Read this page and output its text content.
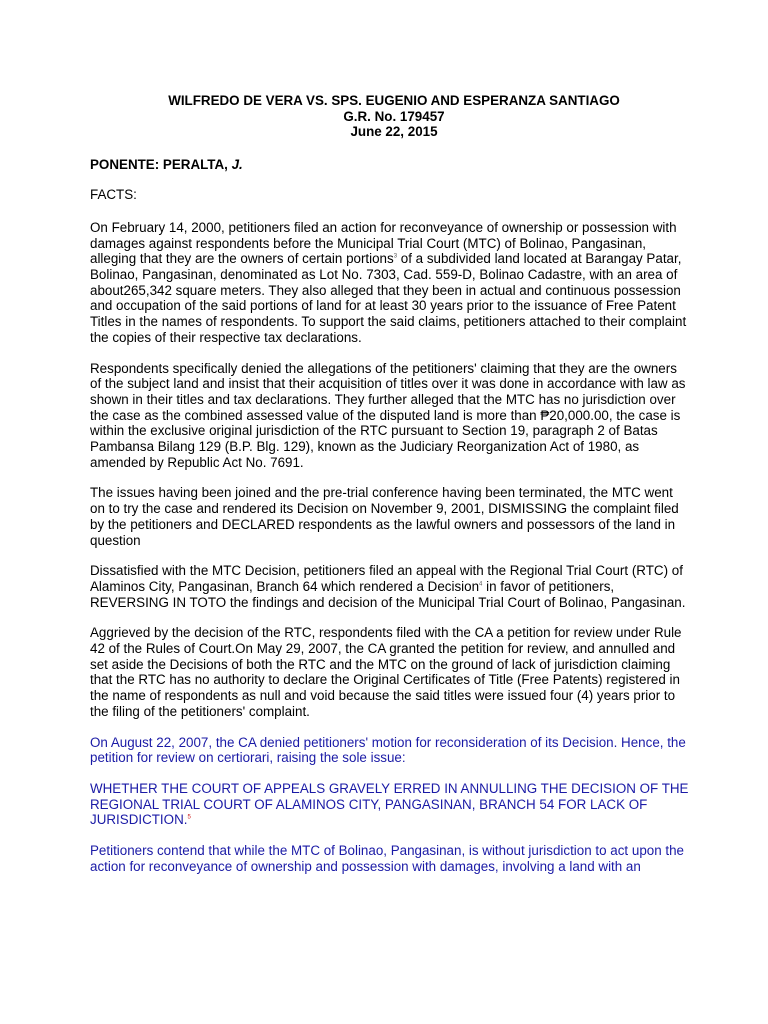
WILFREDO DE VERA VS. SPS. EUGENIO AND ESPERANZA SANTIAGO
G.R. No. 179457
June 22, 2015
PONENTE: PERALTA, J.
FACTS:

On February 14, 2000, petitioners filed an action for reconveyance of ownership or possession with damages against respondents before the Municipal Trial Court (MTC) of Bolinao, Pangasinan, alleging that they are the owners of certain portions$^3$ of a subdivided land located at Barangay Patar, Bolinao, Pangasinan, denominated as Lot No. 7303, Cad. 559-D, Bolinao Cadastre, with an area of about265,342 square meters. They also alleged that they been in actual and continuous possession and occupation of the said portions of land for at least 30 years prior to the issuance of Free Patent Titles in the names of respondents. To support the said claims, petitioners attached to their complaint the copies of their respective tax declarations.

Respondents specifically denied the allegations of the petitioners' claiming that they are the owners of the subject land and insist that their acquisition of titles over it was done in accordance with law as shown in their titles and tax declarations. They further alleged that the MTC has no jurisdiction over the case as the combined assessed value of the disputed land is more than ₱20,000.00, the case is within the exclusive original jurisdiction of the RTC pursuant to Section 19, paragraph 2 of Batas Pambansa Bilang 129 (B.P. Blg. 129), known as the Judiciary Reorganization Act of 1980, as amended by Republic Act No. 7691.

The issues having been joined and the pre-trial conference having been terminated, the MTC went on to try the case and rendered its Decision on November 9, 2001, DISMISSING the complaint filed by the petitioners and DECLARED respondents as the lawful owners and possessors of the land in question

Dissatisfied with the MTC Decision, petitioners filed an appeal with the Regional Trial Court (RTC) of Alaminos City, Pangasinan, Branch 64 which rendered a Decision$^4$ in favor of petitioners, REVERSING IN TOTO the findings and decision of the Municipal Trial Court of Bolinao, Pangasinan.

Aggrieved by the decision of the RTC, respondents filed with the CA a petition for review under Rule 42 of the Rules of Court.On May 29, 2007, the CA granted the petition for review, and annulled and set aside the Decisions of both the RTC and the MTC on the ground of lack of jurisdiction claiming that the RTC has no authority to declare the Original Certificates of Title (Free Patents) registered in the name of respondents as null and void because the said titles were issued four (4) years prior to the filing of the petitioners' complaint.

On August 22, 2007, the CA denied petitioners' motion for reconsideration of its Decision. Hence, the petition for review on certiorari, raising the sole issue:

WHETHER THE COURT OF APPEALS GRAVELY ERRED IN ANNULLING THE DECISION OF THE REGIONAL TRIAL COURT OF ALAMINOS CITY, PANGASINAN, BRANCH 54 FOR LACK OF JURISDICTION.$^5$

Petitioners contend that while the MTC of Bolinao, Pangasinan, is without jurisdiction to act upon the action for reconveyance of ownership and possession with damages, involving a land with an
